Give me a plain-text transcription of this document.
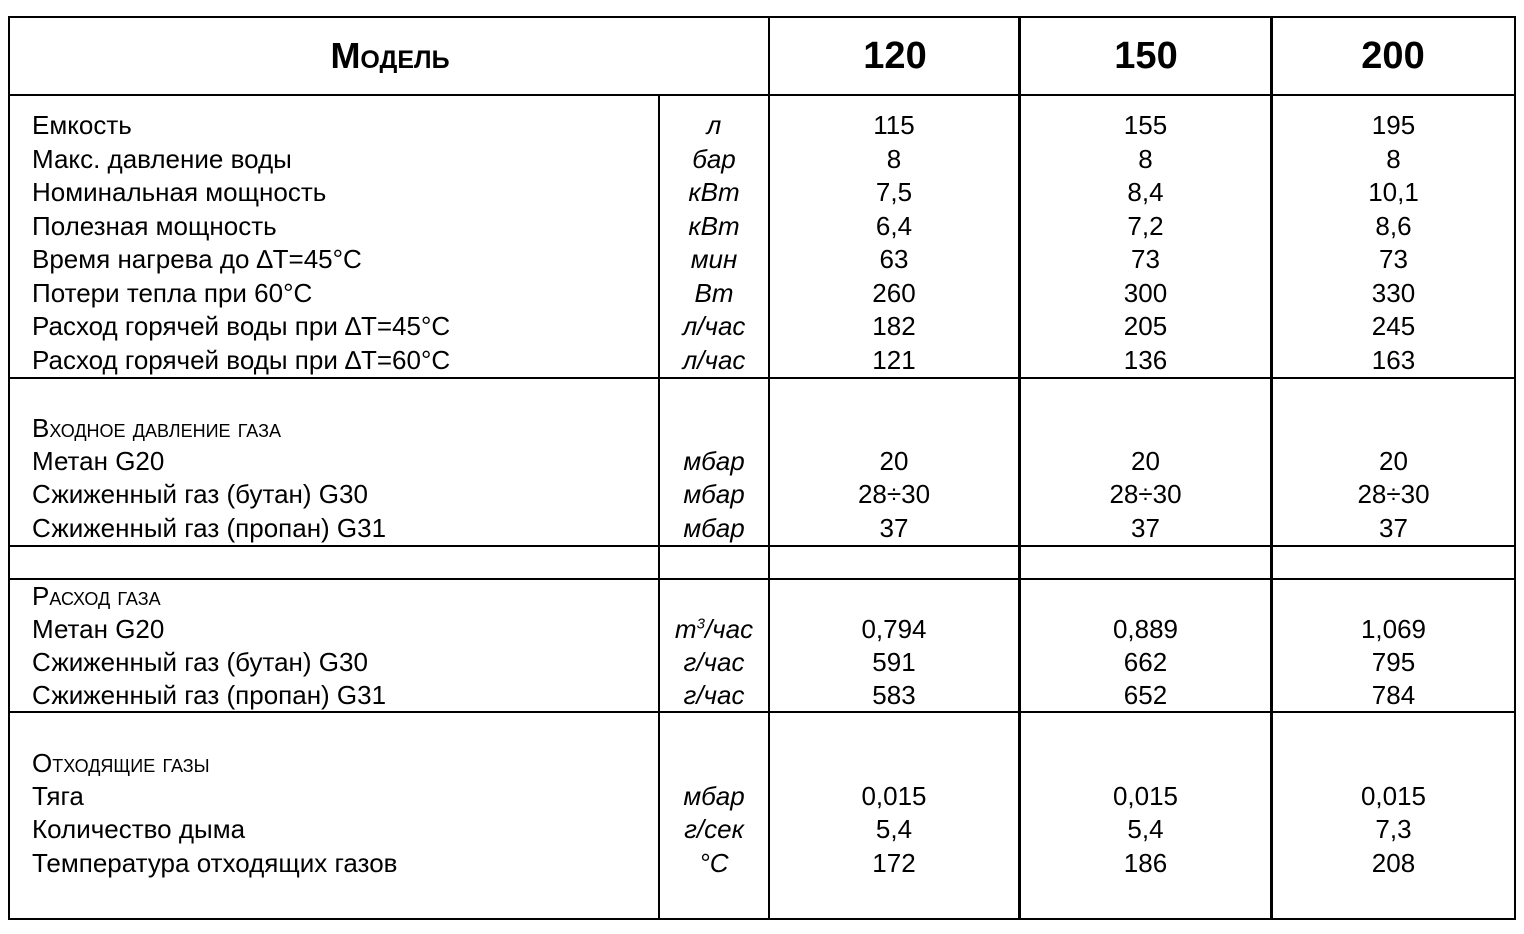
Модель	120	150	200
Емкость	л	115	155	195
Макс. давление воды	бар	8	8	8
Номинальная мощность	кВт	7,5	8,4	10,1
Полезная мощность	кВт	6,4	7,2	8,6
Время нагрева до ∆T=45°C	мин	63	73	73
Потери тепла при 60°C	Вт	260	300	330
Расход горячей воды при ∆T=45°C	л/час	182	205	245
Расход горячей воды при ∆T=60°C	л/час	121	136	163
Входное давление газа
Метан G20	мбар	20	20	20
Сжиженный газ (бутан) G30	мбар	28÷30	28÷30	28÷30
Сжиженный газ (пропан) G31	мбар	37	37	37
Расход газа
Метан G20	$m^3$/час	0,794	0,889	1,069
Сжиженный газ (бутан) G30	г/час	591	662	795
Сжиженный газ (пропан) G31	г/час	583	652	784
Отходящие газы
Тяга	мбар	0,015	0,015	0,015
Количество дыма	г/сек	5,4	5,4	7,3
Температура отходящих газов	°C	172	186	208
